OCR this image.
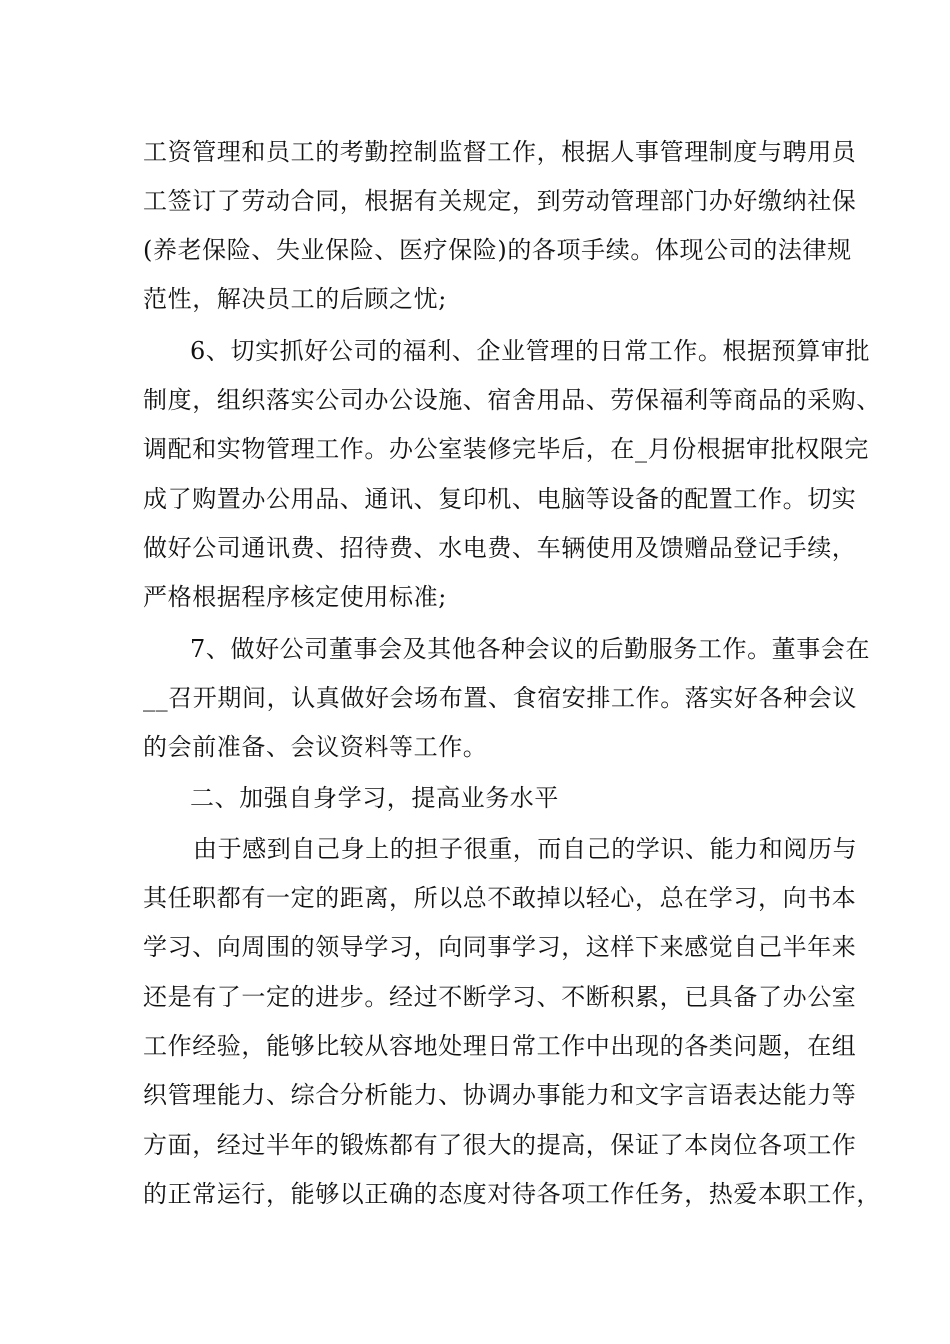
工资管理和员工的考勤控制监督工作，根据人事管理制度与聘用员
工签订了劳动合同，根据有关规定，到劳动管理部门办好缴纳社保
(养老保险、失业保险、医疗保险)的各项手续。体现公司的法律规
范性，解决员工的后顾之忧;
6、切实抓好公司的福利、企业管理的日常工作。根据预算审批
制度，组织落实公司办公设施、宿舍用品、劳保福利等商品的采购、
调配和实物管理工作。办公室装修完毕后，在_月份根据审批权限完
成了购置办公用品、通讯、复印机、电脑等设备的配置工作。切实
做好公司通讯费、招待费、水电费、车辆使用及馈赠品登记手续，
严格根据程序核定使用标准;
7、做好公司董事会及其他各种会议的后勤服务工作。董事会在
__召开期间，认真做好会场布置、食宿安排工作。落实好各种会议
的会前准备、会议资料等工作。
二、加强自身学习，提高业务水平
由于感到自己身上的担子很重，而自己的学识、能力和阅历与
其任职都有一定的距离，所以总不敢掉以轻心，总在学习，向书本
学习、向周围的领导学习，向同事学习，这样下来感觉自己半年来
还是有了一定的进步。经过不断学习、不断积累，已具备了办公室
工作经验，能够比较从容地处理日常工作中出现的各类问题，在组
织管理能力、综合分析能力、协调办事能力和文字言语表达能力等
方面，经过半年的锻炼都有了很大的提高，保证了本岗位各项工作
的正常运行，能够以正确的态度对待各项工作任务，热爱本职工作，
